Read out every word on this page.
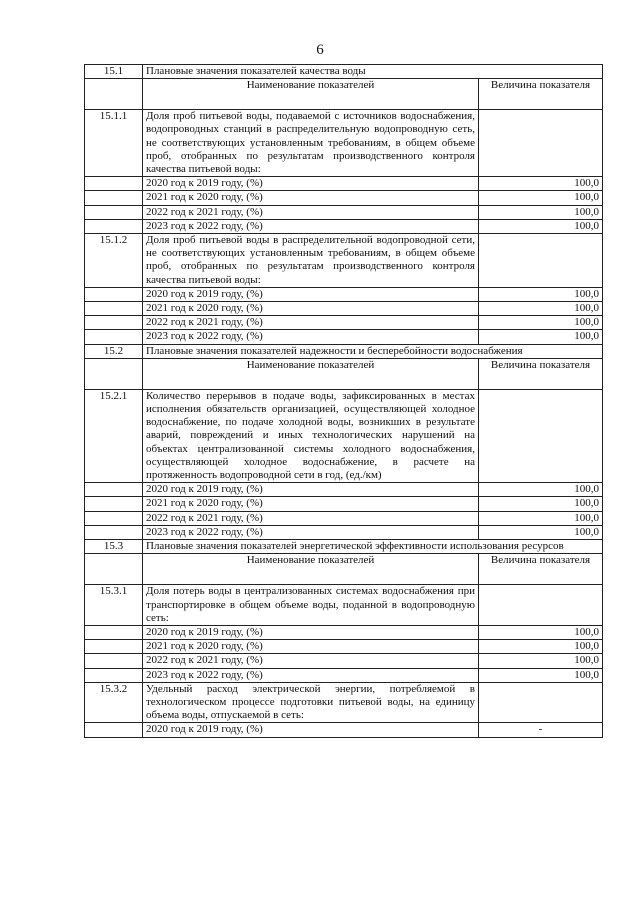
6
15.1	Плановые значения показателей качества воды	
	Наименование показателей	Величина показателя
15.1.1	Доля проб питьевой воды, подаваемой с источников водоснабжения, водопроводных станций в распределительную водопроводную сеть, не соответствующих установленным требованиям, в общем объеме проб, отобранных по результатам производственного контроля качества питьевой воды:	
	2020 год к 2019 году, (%)	100,0
	2021 год к 2020 году, (%)	100,0
	2022 год к 2021 году, (%)	100,0
	2023 год к 2022 году, (%)	100,0
15.1.2	Доля проб питьевой воды в распределительной водопроводной сети, не соответствующих установленным требованиям, в общем объеме проб, отобранных по результатам производственного контроля качества питьевой воды:	
	2020 год к 2019 году, (%)	100,0
	2021 год к 2020 году, (%)	100,0
	2022 год к 2021 году, (%)	100,0
	2023 год к 2022 году, (%)	100,0
15.2	Плановые значения показателей надежности и бесперебойности водоснабжения	
	Наименование показателей	Величина показателя
15.2.1	Количество перерывов в подаче воды, зафиксированных в местах исполнения обязательств организацией, осуществляющей холодное водоснабжение, по подаче холодной воды, возникших в результате аварий, повреждений и иных технологических нарушений на объектах централизованной системы холодного водоснабжения, осуществляющей холодное водоснабжение, в расчете на протяженность водопроводной сети в год, (ед./км)	
	2020 год к 2019 году, (%)	100,0
	2021 год к 2020 году, (%)	100,0
	2022 год к 2021 году, (%)	100,0
	2023 год к 2022 году, (%)	100,0
15.3	Плановые значения показателей энергетической эффективности использования ресурсов	
	Наименование показателей	Величина показателя
15.3.1	Доля потерь воды в централизованных системах водоснабжения при транспортировке в общем объеме воды, поданной в водопроводную сеть:	
	2020 год к 2019 году, (%)	100,0
	2021 год к 2020 году, (%)	100,0
	2022 год к 2021 году, (%)	100,0
	2023 год к 2022 году, (%)	100,0
15.3.2	Удельный расход электрической энергии, потребляемой в технологическом процессе подготовки питьевой воды, на единицу объема воды, отпускаемой в сеть:	
	2020 год к 2019 году, (%)	-
